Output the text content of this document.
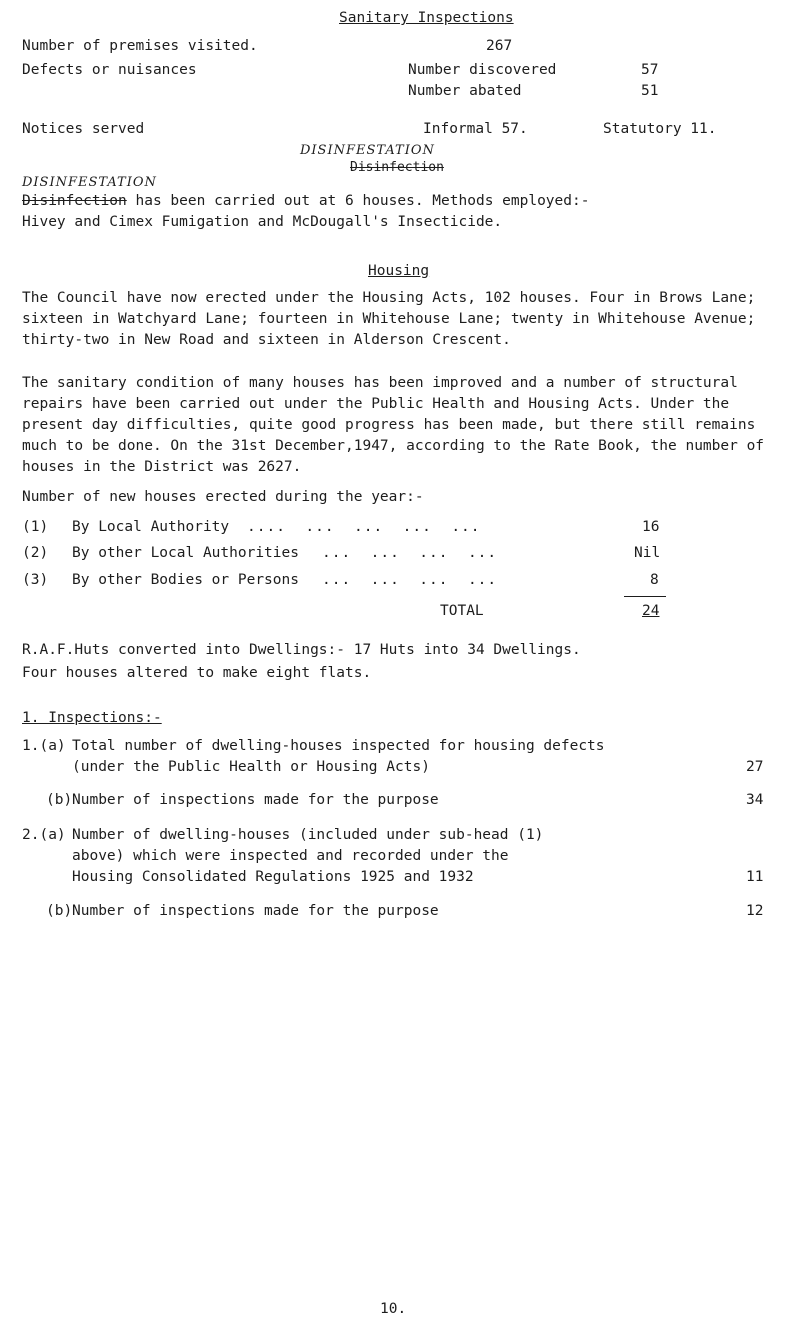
Sanitary Inspections
Number of premises visited.	267
Defects or nuisances	Number discovered	57
Number abated	51
Notices served	Informal 57.	Statutory 11.
DISINFESTATION
Disinfection
DISINFESTATION
Disinfection has been carried out at 6 houses. Methods employed:-
Hivey and Cimex Fumigation and McDougall's Insecticide.
Housing
The Council have now erected under the Housing Acts, 102 houses. Four in Brows Lane; sixteen in Watchyard Lane; fourteen in Whitehouse Lane; twenty in Whitehouse Avenue; thirty-two in New Road and sixteen in Alderson Crescent.
The sanitary condition of many houses has been improved and a number of structural repairs have been carried out under the Public Health and Housing Acts. Under the present day difficulties, quite good progress has been made, but there still remains much to be done. On the 31st December,1947, according to the Rate Book, the number of houses in the District was 2627.
Number of new houses erected during the year:-
(1) By Local Authority ....  ...  ...  ...  ...	16
(2) By other Local Authorities ...  ...  ...  ...	Nil
(3) By other Bodies or Persons ...  ...  ...  ...	8
TOTAL	24
R.A.F.Huts converted into Dwellings:- 17 Huts into 34 Dwellings.
Four houses altered to make eight flats.
1. Inspections:-
1.(a) Total number of dwelling-houses inspected for housing defects
(under the Public Health or Housing Acts)	27
(b) Number of inspections made for the purpose	34
2.(a) Number of dwelling-houses (included under sub-head (1)
above) which were inspected and recorded under the
Housing Consolidated Regulations 1925 and 1932	11
(b) Number of inspections made for the purpose	12
10.
